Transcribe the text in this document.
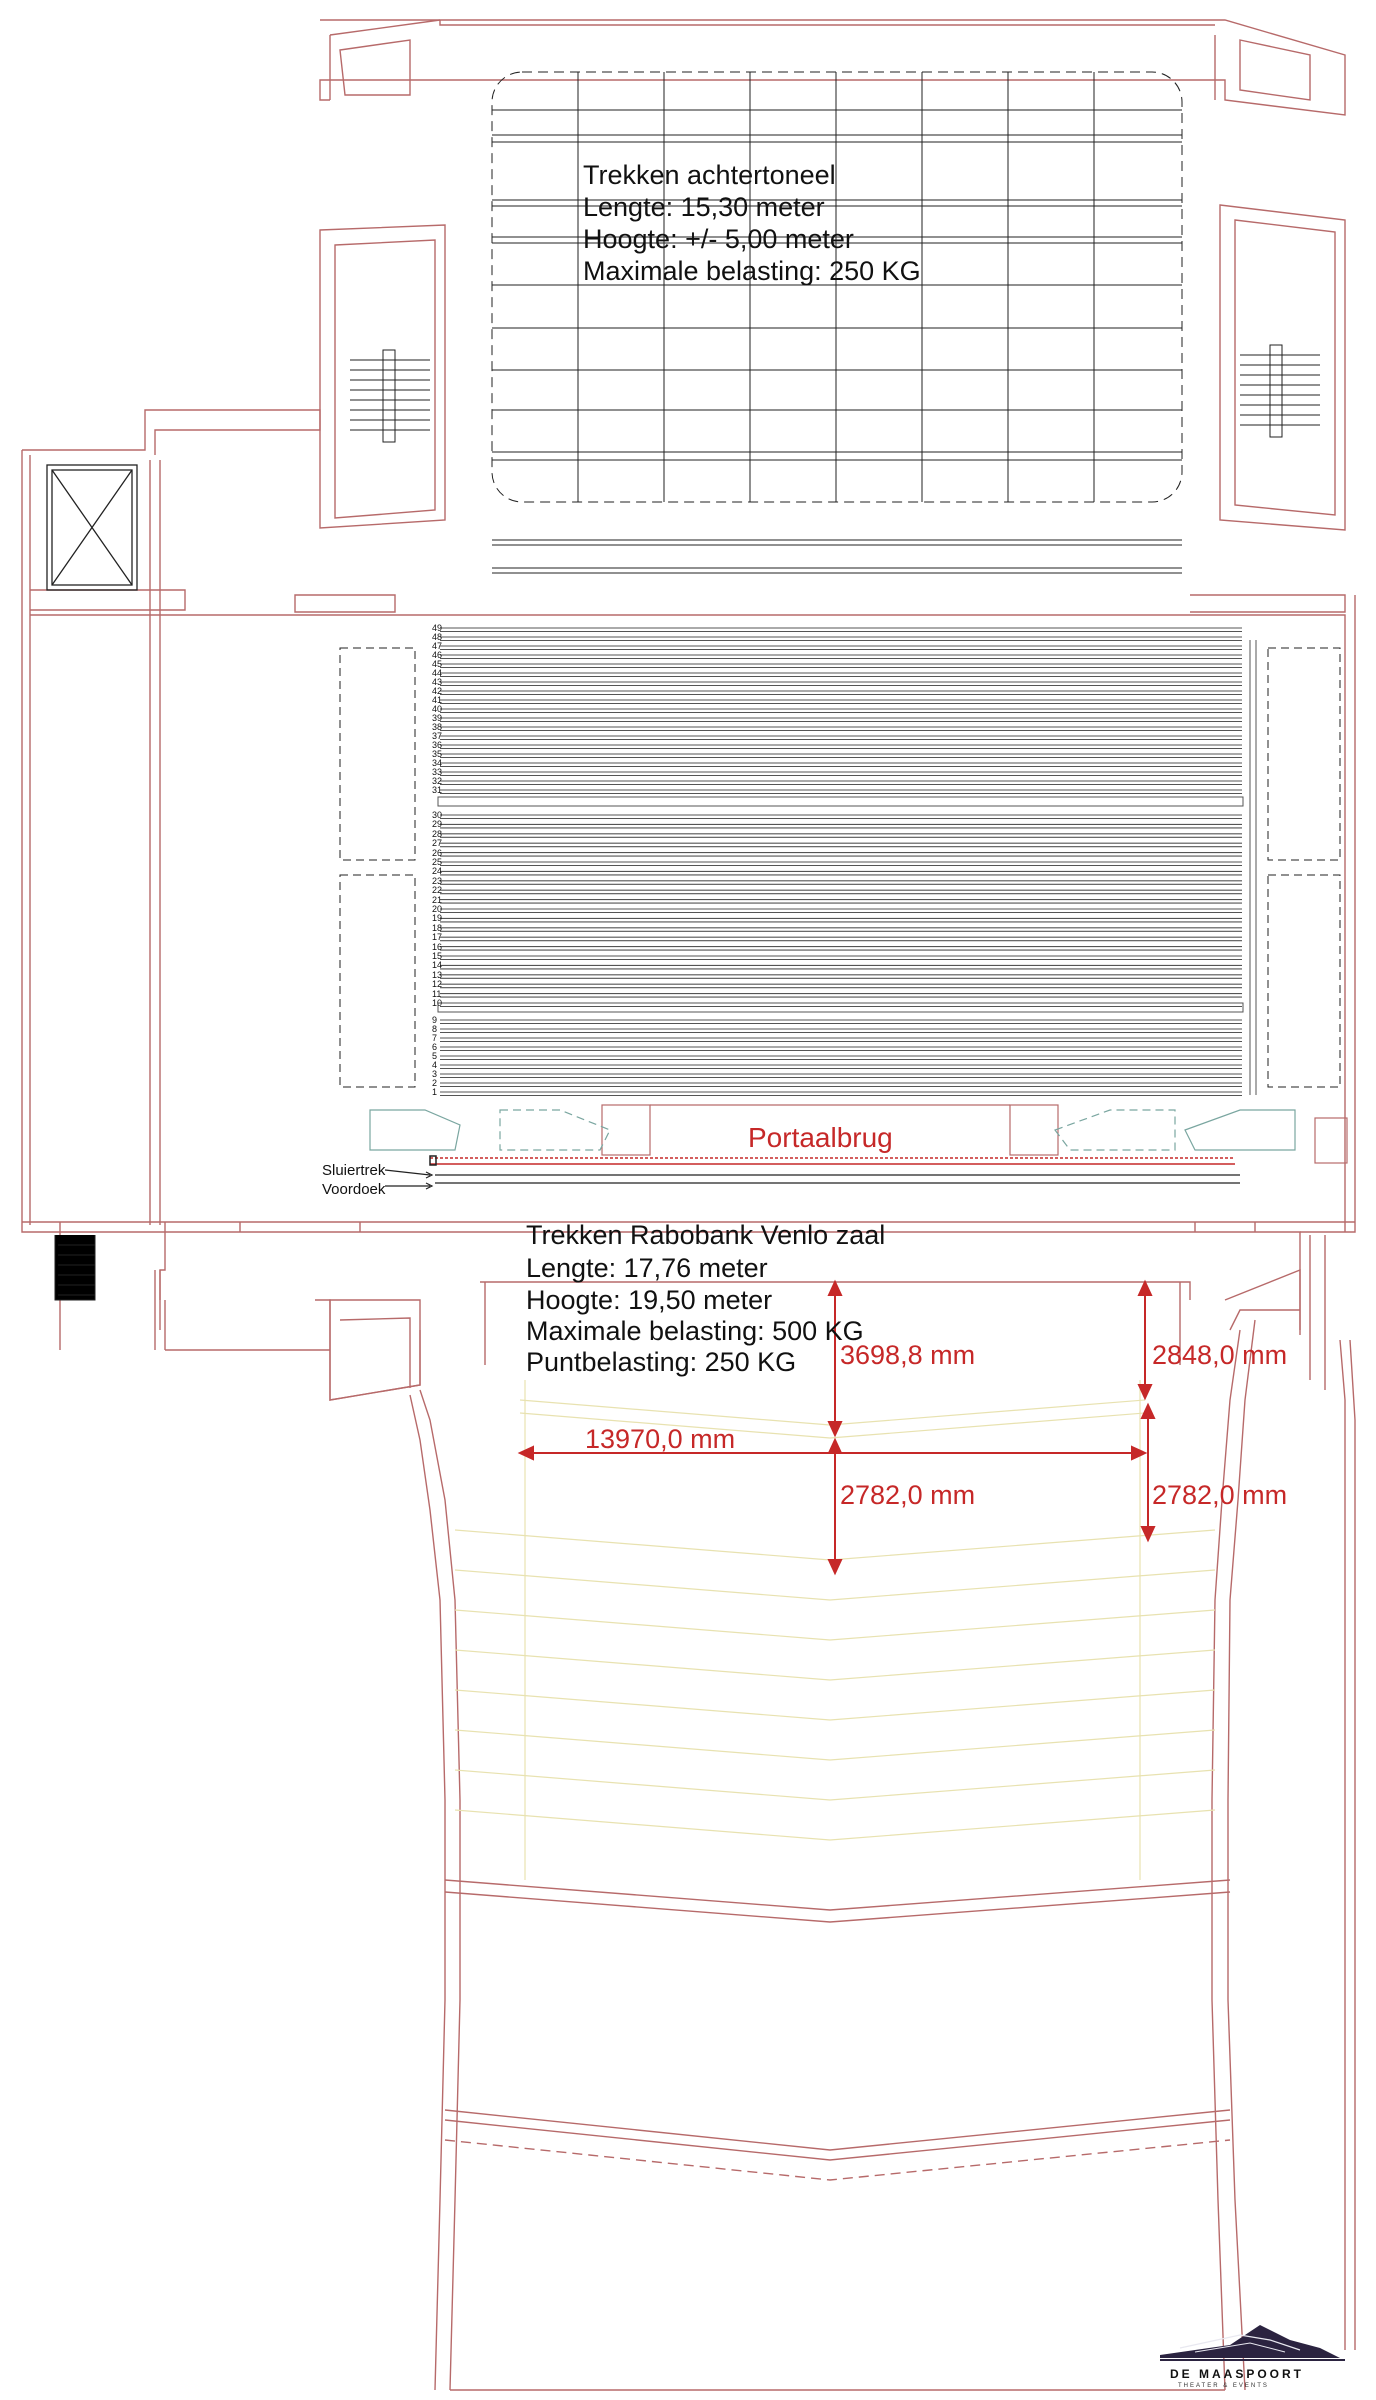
Trekken achtertoneel
Lengte: 15,30 meter
Hoogte: +/- 5,00 meter
Maximale belasting: 250 KG
Trekken Rabobank Venlo zaal
Lengte: 17,76 meter
Hoogte: 19,50 meter
Maximale belasting: 500 KG
Puntbelasting: 250 KG
Portaalbrug
Sluiertrek
Voordoek
3698,8 mm	2848,0 mm
13970,0 mm
2782,0 mm	2782,0 mm
DE MAASPOORT
THEATER & EVENTS
49
48
47
46
45
44
43
42
41
40
39
38
37
36
35
34
33
32
31
30
29
28
27
26
25
24
23
22
21
20
19
18
17
16
15
14
13
12
11
10
9
8
7
6
5
4
3
2
1
